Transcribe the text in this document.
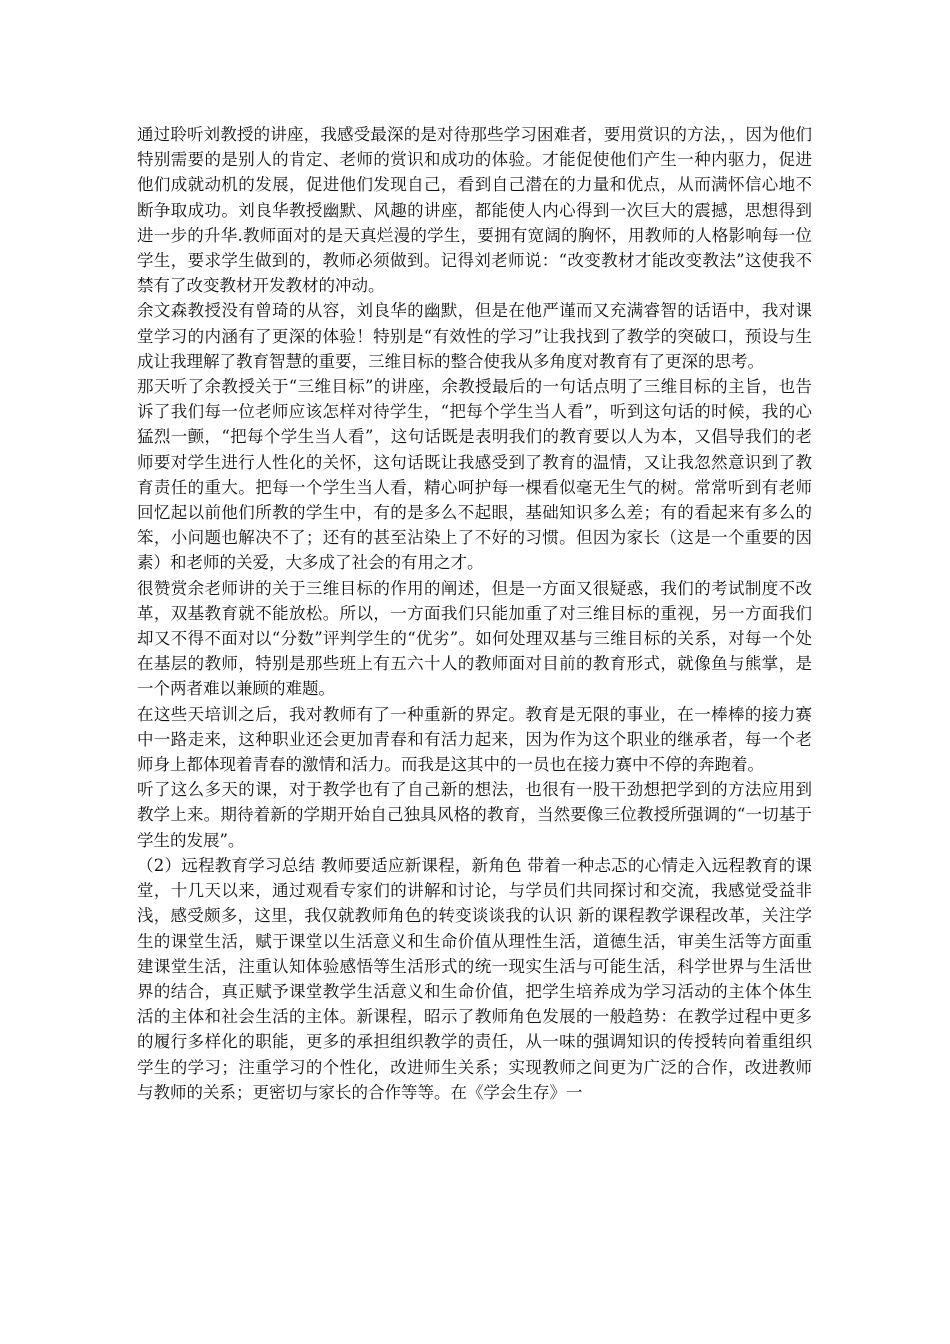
通过聆听刘教授的讲座，我感受最深的是对待那些学习困难者，要用赏识的方法，，因为他们特别需要的是别人的肯定、老师的赏识和成功的体验。才能促使他们产生一种内驱力，促进他们成就动机的发展，促进他们发现自己，看到自己潜在的力量和优点，从而满怀信心地不断争取成功。刘良华教授幽默、风趣的讲座，都能使人内心得到一次巨大的震撼，思想得到进一步的升华.教师面对的是天真烂漫的学生，要拥有宽阔的胸怀，用教师的人格影响每一位学生，要求学生做到的，教师必须做到。记得刘老师说：“改变教材才能改变教法”这使我不禁有了改变教材开发教材的冲动。

余文森教授没有曾琦的从容，刘良华的幽默，但是在他严谨而又充满睿智的话语中，我对课堂学习的内涵有了更深的体验！特别是“有效性的学习”让我找到了教学的突破口，预设与生成让我理解了教育智慧的重要，三维目标的整合使我从多角度对教育有了更深的思考。

那天听了余教授关于“三维目标”的讲座，余教授最后的一句话点明了三维目标的主旨，也告诉了我们每一位老师应该怎样对待学生，“把每个学生当人看”，听到这句话的时候，我的心猛烈一颤，“把每个学生当人看”，这句话既是表明我们的教育要以人为本，又倡导我们的老师要对学生进行人性化的关怀，这句话既让我感受到了教育的温情，又让我忽然意识到了教育责任的重大。把每一个学生当人看，精心呵护每一棵看似毫无生气的树。常常听到有老师回忆起以前他们所教的学生中，有的是多么不起眼，基础知识多么差；有的看起来有多么的笨，小问题也解决不了；还有的甚至沾染上了不好的习惯。但因为家长（这是一个重要的因素）和老师的关爱，大多成了社会的有用之才。

很赞赏余老师讲的关于三维目标的作用的阐述，但是一方面又很疑惑，我们的考试制度不改革，双基教育就不能放松。所以，一方面我们只能加重了对三维目标的重视，另一方面我们却又不得不面对以“分数”评判学生的“优劣”。如何处理双基与三维目标的关系，对每一个处在基层的教师，特别是那些班上有五六十人的教师面对目前的教育形式，就像鱼与熊掌，是一个两者难以兼顾的难题。

在这些天培训之后，我对教师有了一种重新的界定。教育是无限的事业，在一棒棒的接力赛中一路走来，这种职业还会更加青春和有活力起来，因为作为这个职业的继承者，每一个老师身上都体现着青春的激情和活力。而我是这其中的一员也在接力赛中不停的奔跑着。

听了这么多天的课，对于教学也有了自己新的想法，也很有一股干劲想把学到的方法应用到教学上来。期待着新的学期开始自己独具风格的教育，当然要像三位教授所强调的“一切基于学生的发展”。

（2）远程教育学习总结 教师要适应新课程，新角色 带着一种忐忑的心情走入远程教育的课堂，十几天以来，通过观看专家们的讲解和讨论，与学员们共同探讨和交流，我感觉受益非浅，感受颇多，这里，我仅就教师角色的转变谈谈我的认识 新的课程教学课程改革，关注学生的课堂生活，赋于课堂以生活意义和生命价值从理性生活，道德生活，审美生活等方面重建课堂生活，注重认知体验感悟等生活形式的统一现实生活与可能生活，科学世界与生活世界的结合，真正赋予课堂教学生活意义和生命价值，把学生培养成为学习活动的主体个体生活的主体和社会生活的主体。新课程，昭示了教师角色发展的一般趋势：在教学过程中更多的履行多样化的职能，更多的承担组织教学的责任，从一味的强调知识的传授转向着重组织学生的学习；注重学习的个性化，改进师生关系；实现教师之间更为广泛的合作，改进教师与教师的关系；更密切与家长的合作等等。在《学会生存》一
